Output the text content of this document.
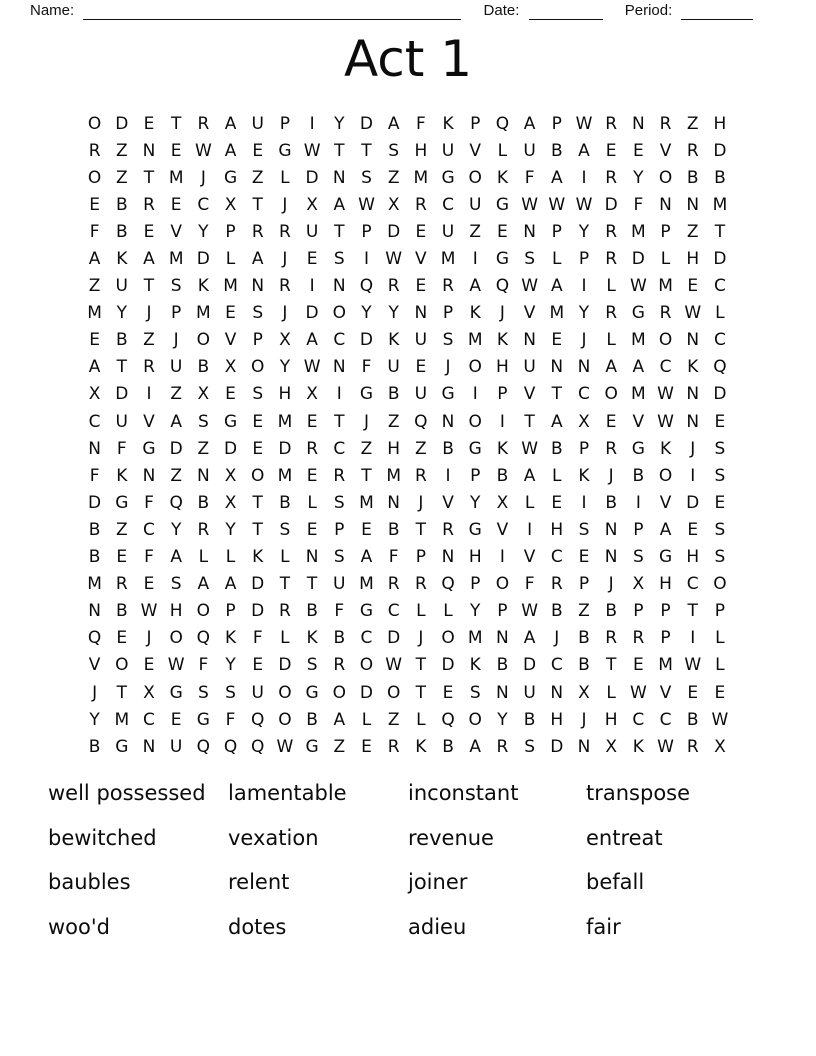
Name:	Date:	Period:
Act 1
O D E T R A U P	I	Y D A F K P Q A P W R N R Z H
R Z N E W A E G W T T S H U V L U B A E E V R D
O Z T M	J	G Z L D N S Z M G O K F A	I	R Y O B B
E B R E C X T	J	X A W X R C U G W W W D F N N M
F B E V Y P R R U T P D E U Z E N P Y R M P Z T
A K A M D L A	J	E S	I W V M	I	G S	L	P R D L H D
Z U T S K M N R	I	N Q R E R A Q W A	I	L W M E C
M Y	J	P M E S	J	D O Y Y N P K	J	V M Y R G R W L
E B Z	J	O V P X A C D K U S M K N E	J	L M O N C
A T R U B X O Y W N F U E	J	O H U N N A A C K Q
X D	I	Z X E S H X	I	G B U G	I	P V T C O M W N D
C U V A S G E M E T	J	Z Q N O	I	T A X E V W N E
N F G D Z D E D R C Z H Z B G K W B P R G K	J	S
F K N Z N X O M E R T M R	I	P B A L K	J	B O	I	S
D G F Q B X T B L	S M N	J	V Y X L	E	I	B	I	V D E
B Z C Y R Y T S E P E B T R G V	I	H S N P A E S
B E F A L	L K L N S A F	P N H	I	V C E N S G H S
M R E S A A D T T U M R R Q P O F R P	J	X H C O
N B W H O P D R B F G C L	L	Y P W B Z B P P T P
Q E	J	O Q K F	L K B C D	J	O M N A	J	B R R P	I	L
V O E W F	Y E D S R O W T D K B D C B T E M W L
J	T X G S S U O G O D O T E S N U N X L W V E E
Y M C E G F Q O B A L Z L Q O Y B H	J	H C C B W
B G N U Q Q Q W G Z E R K B A R S D N X K W R X
well possessed	lamentable	inconstant	transpose
bewitched	vexation	revenue	entreat
baubles	relent	joiner	befall
woo'd	dotes	adieu	fair
